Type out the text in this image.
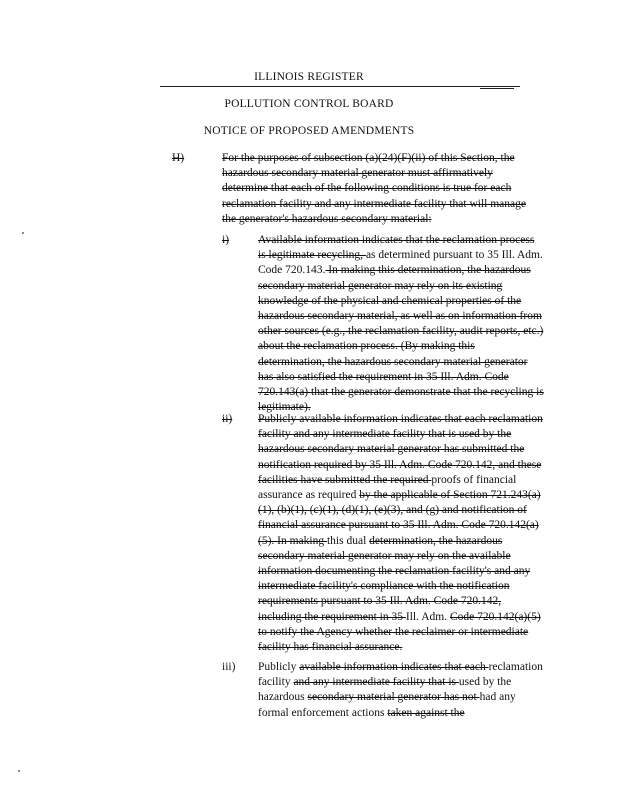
ILLINOIS REGISTER
POLLUTION CONTROL BOARD
NOTICE OF PROPOSED AMENDMENTS
H)	For the purposes of subsection (a)(24)(F)(ii) of this Section, the hazardous secondary material generator must affirmatively determine that each of the following conditions is true for each reclamation facility and any intermediate facility that will manage the generator's hazardous secondary material:
i)	Available information indicates that the reclamation process is legitimate recycling, as determined pursuant to 35 Ill. Adm. Code 720.143. In making this determination, the hazardous secondary material generator may rely on its existing knowledge of the physical and chemical properties of the hazardous secondary material, as well as on information from other sources (e.g., the reclamation facility, audit reports, etc.) about the reclamation process. (By making this determination, the hazardous secondary material generator has also satisfied the requirement in 35 Ill. Adm. Code 720.143(a) that the generator demonstrate that the recycling is legitimate).
ii) Publicly available information indicates that each reclamation facility and any intermediate facility that is used by the hazardous secondary material generator has submitted the notification required by 35 Ill. Adm. Code 720.142, and these facilities have submitted the required proofs of financial assurance as required by the applicable of Section 721.243(a)(1), (b)(1), (c)(1), (d)(1), (e)(3), and (g) and notification of financial assurance pursuant to 35 Ill. Adm. Code 720.142(a)(5). In making this dual determination, the hazardous secondary material generator may rely on the available information documenting the reclamation facility's and any intermediate facility's compliance with the notification requirements pursuant to 35 Ill. Adm. Code 720.142, including the requirement in 35 Ill. Adm. Code 720.142(a)(5) to notify the Agency whether the reclaimer or intermediate facility has financial assurance.
iii) Publicly available information indicates that each reclamation facility and any intermediate facility that is used by the hazardous secondary material generator has not had any formal enforcement actions taken against the
